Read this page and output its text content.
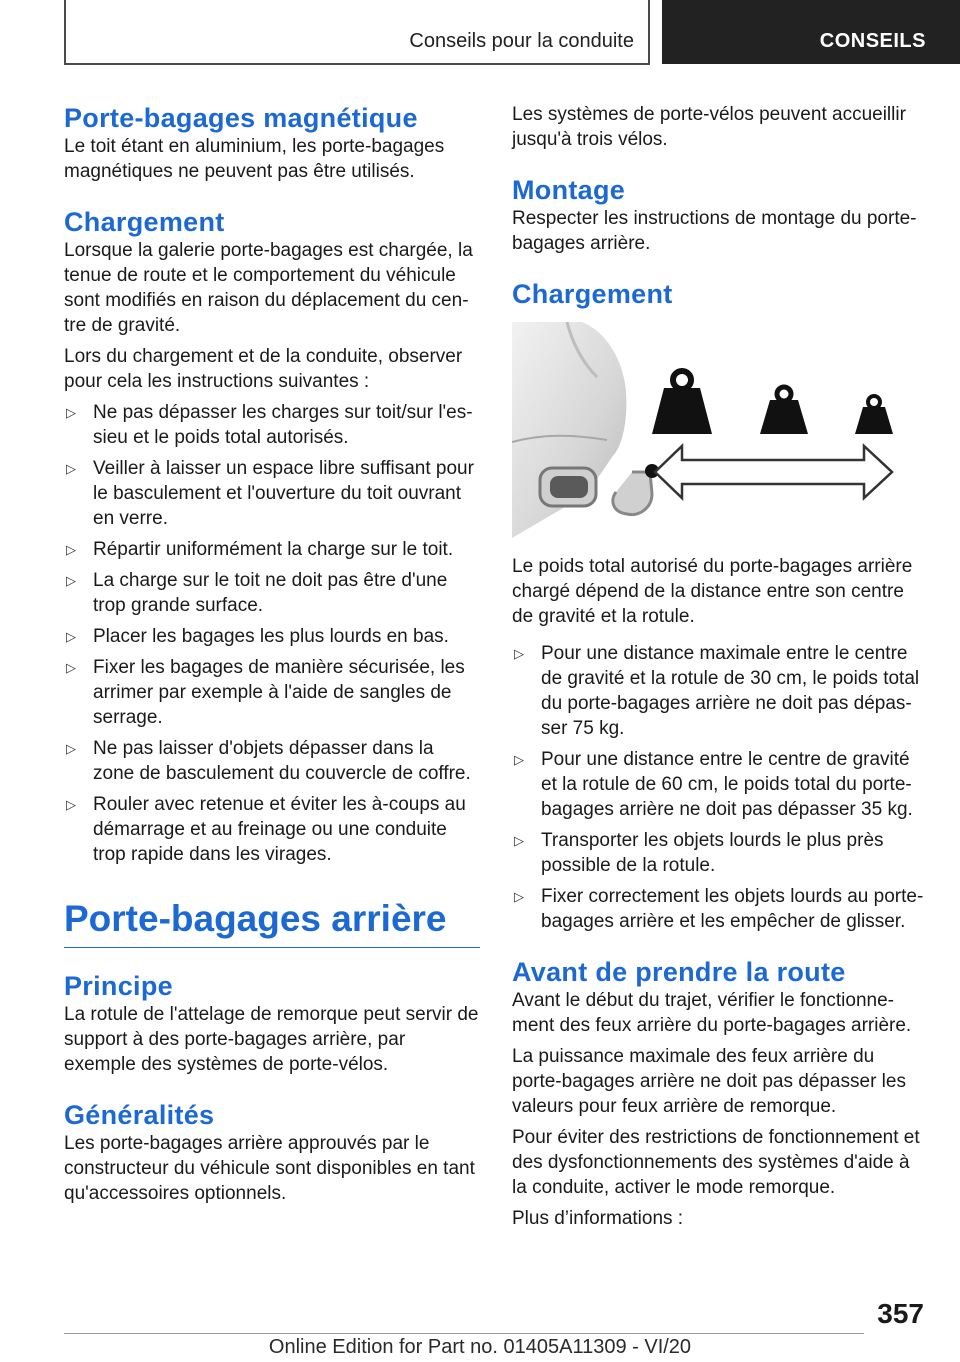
Conseils pour la conduite	CONSEILS
Porte-bagages magnétique

Le toit étant en aluminium, les porte-bagages magnétiques ne peuvent pas être utilisés.

Chargement

Lorsque la galerie porte-bagages est chargée, la tenue de route et le comportement du véhicule sont modifiés en raison du déplacement du cen-tre de gravité.

Lors du chargement et de la conduite, observer pour cela les instructions suivantes :

▷ Ne pas dépasser les charges sur toit/sur l'es-sieu et le poids total autorisés.
▷ Veiller à laisser un espace libre suffisant pour le basculement et l'ouverture du toit ouvrant en verre.
▷ Répartir uniformément la charge sur le toit.
▷ La charge sur le toit ne doit pas être d'une trop grande surface.
▷ Placer les bagages les plus lourds en bas.
▷ Fixer les bagages de manière sécurisée, les arrimer par exemple à l'aide de sangles de serrage.
▷ Ne pas laisser d'objets dépasser dans la zone de basculement du couvercle de coffre.
▷ Rouler avec retenue et éviter les à-coups au démarrage et au freinage ou une conduite trop rapide dans les virages.
Porte-bagages arrière
Principe

La rotule de l'attelage de remorque peut servir de support à des porte-bagages arrière, par exemple des systèmes de porte-vélos.

Généralités

Les porte-bagages arrière approuvés par le constructeur du véhicule sont disponibles en tant qu'accessoires optionnels.

Les systèmes de porte-vélos peuvent accueillir jusqu'à trois vélos.

Montage

Respecter les instructions de montage du porte-bagages arrière.

Chargement

Le poids total autorisé du porte-bagages arrière chargé dépend de la distance entre son centre de gravité et la rotule.

▷ Pour une distance maximale entre le centre de gravité et la rotule de 30 cm, le poids total du porte-bagages arrière ne doit pas dépas-ser 75 kg.
▷ Pour une distance entre le centre de gravité et la rotule de 60 cm, le poids total du porte-bagages arrière ne doit pas dépasser 35 kg.
▷ Transporter les objets lourds le plus près possible de la rotule.
▷ Fixer correctement les objets lourds au porte-bagages arrière et les empêcher de glisser.
Avant de prendre la route

Avant le début du trajet, vérifier le fonctionne-ment des feux arrière du porte-bagages arrière.

La puissance maximale des feux arrière du porte-bagages arrière ne doit pas dépasser les valeurs pour feux arrière de remorque.

Pour éviter des restrictions de fonctionnement et des dysfonctionnements des systèmes d'aide à la conduite, activer le mode remorque.

Plus d’informations :

357
Online Edition for Part no. 01405A11309 - VI/20
